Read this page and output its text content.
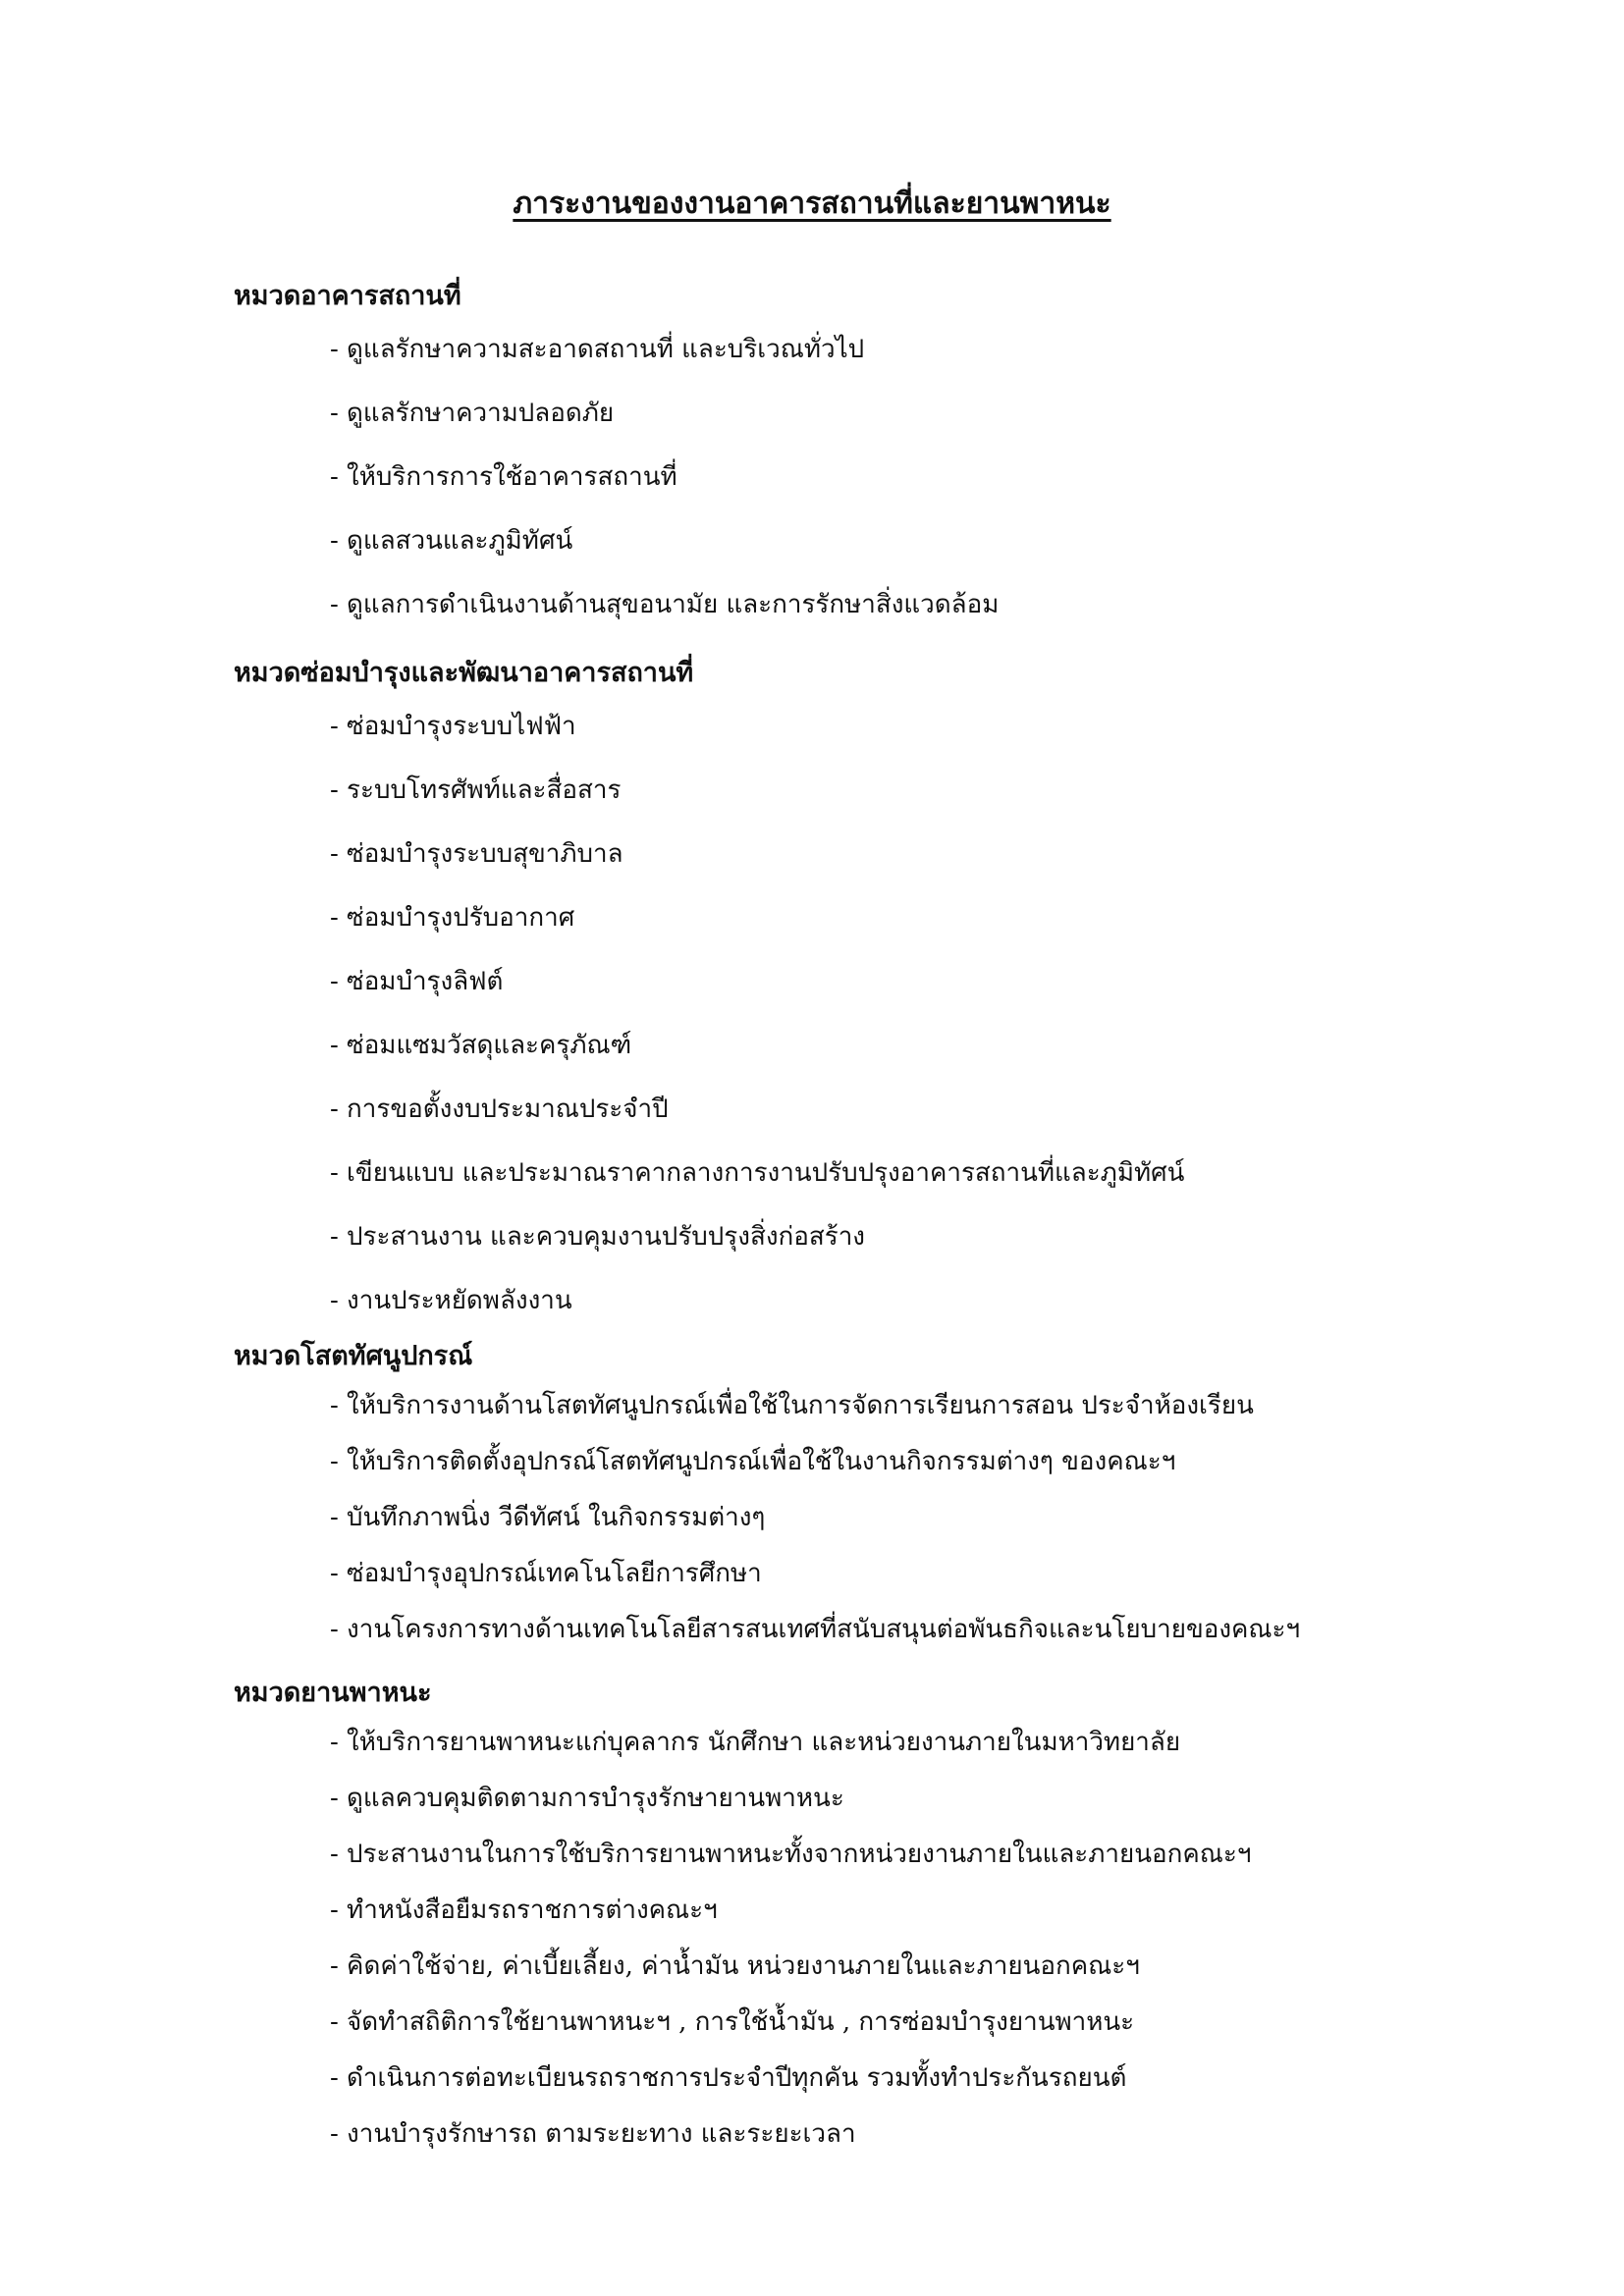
ภาระงานของงานอาคารสถานที่และยานพาหนะ
หมวดอาคารสถานที่
- ดูแลรักษาความสะอาดสถานที่ และบริเวณทั่วไป
- ดูแลรักษาความปลอดภัย
- ให้บริการการใช้อาคารสถานที่
- ดูแลสวนและภูมิทัศน์
- ดูแลการดำเนินงานด้านสุขอนามัย และการรักษาสิ่งแวดล้อม
หมวดซ่อมบำรุงและพัฒนาอาคารสถานที่
- ซ่อมบำรุงระบบไฟฟ้า
- ระบบโทรศัพท์และสื่อสาร
- ซ่อมบำรุงระบบสุขาภิบาล
- ซ่อมบำรุงปรับอากาศ
- ซ่อมบำรุงลิฟต์
- ซ่อมแซมวัสดุและครุภัณฑ์
- การขอตั้งงบประมาณประจำปี
- เขียนแบบ และประมาณราคากลางการงานปรับปรุงอาคารสถานที่และภูมิทัศน์
- ประสานงาน และควบคุมงานปรับปรุงสิ่งก่อสร้าง
- งานประหยัดพลังงาน
หมวดโสตทัศนูปกรณ์
- ให้บริการงานด้านโสตทัศนูปกรณ์เพื่อใช้ในการจัดการเรียนการสอน ประจำห้องเรียน
- ให้บริการติดตั้งอุปกรณ์โสตทัศนูปกรณ์เพื่อใช้ในงานกิจกรรมต่างๆ ของคณะฯ
- บันทึกภาพนิ่ง วีดีทัศน์ ในกิจกรรมต่างๆ
- ซ่อมบำรุงอุปกรณ์เทคโนโลยีการศึกษา
- งานโครงการทางด้านเทคโนโลยีสารสนเทศที่สนับสนุนต่อพันธกิจและนโยบายของคณะฯ
หมวดยานพาหนะ
- ให้บริการยานพาหนะแก่บุคลากร นักศึกษา และหน่วยงานภายในมหาวิทยาลัย
- ดูแลควบคุมติดตามการบำรุงรักษายานพาหนะ
- ประสานงานในการใช้บริการยานพาหนะทั้งจากหน่วยงานภายในและภายนอกคณะฯ
- ทำหนังสือยืมรถราชการต่างคณะฯ
- คิดค่าใช้จ่าย, ค่าเบี้ยเลี้ยง, ค่าน้ำมัน หน่วยงานภายในและภายนอกคณะฯ
- จัดทำสถิติการใช้ยานพาหนะฯ , การใช้น้ำมัน , การซ่อมบำรุงยานพาหนะ
- ดำเนินการต่อทะเบียนรถราชการประจำปีทุกคัน รวมทั้งทำประกันรถยนต์
- งานบำรุงรักษารถ ตามระยะทาง และระยะเวลา
